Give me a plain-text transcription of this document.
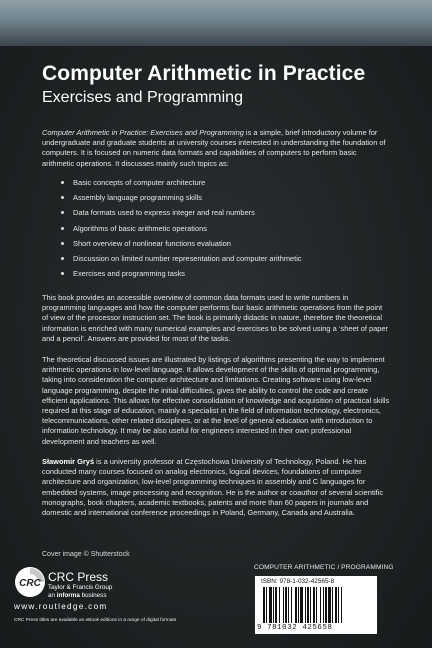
Computer Arithmetic in Practice
Exercises and Programming
Computer Arithmetic in Practice: Exercises and Programming is a simple, brief introductory volume for undergraduate and graduate students at university courses interested in understanding the foundation of computers. It is focused on numeric data formats and capabilities of computers to perform basic arithmetic operations. It discusses mainly such topics as:
Basic concepts of computer architecture
Assembly language programming skills
Data formats used to express integer and real numbers
Algorithms of basic arithmetic operations
Short overview of nonlinear functions evaluation
Discussion on limited number representation and computer arithmetic
Exercises and programming tasks
This book provides an accessible overview of common data formats used to write numbers in programming languages and how the computer performs four basic arithmetic operations from the point of view of the processor instruction set. The book is primarily didactic in nature, therefore the theoretical information is enriched with many numerical examples and exercises to be solved using a ‘sheet of paper and a pencil’. Answers are provided for most of the tasks.
The theoretical discussed issues are illustrated by listings of algorithms presenting the way to implement arithmetic operations in low-level language. It allows development of the skills of optimal programming, taking into consideration the computer architecture and limitations. Creating software using low-level language programming, despite the initial difficulties, gives the ability to control the code and create efficient applications. This allows for effective consolidation of knowledge and acquisition of practical skills required at this stage of education, mainly a specialist in the field of information technology, electronics, telecommunications, other related disciplines, or at the level of general education with introduction to information technology. It may be also useful for engineers interested in their own professional development and teachers as well.
Sławomir Gryś is a university professor at Częstochowa University of Technology, Poland. He has conducted many courses focused on analog electronics, logical devices, foundations of computer architecture and organization, low-level programming techniques in assembly and C languages for embedded systems, image processing and recognition. He is the author or coauthor of several scientific monographs, book chapters, academic textbooks, patents and more than 60 papers in journals and domestic and international conference proceedings in Poland, Germany, Canada and Australia.
Cover image © Shutterstock
COMPUTER ARITHMETIC / PROGRAMMING
CRC CRC Press
Taylor & Francis Group
an informa business
www.routledge.com
CRC Press titles are available as eBook editions in a range of digital formats
ISBN: 978-1-032-42565-8
9 781032 425658
